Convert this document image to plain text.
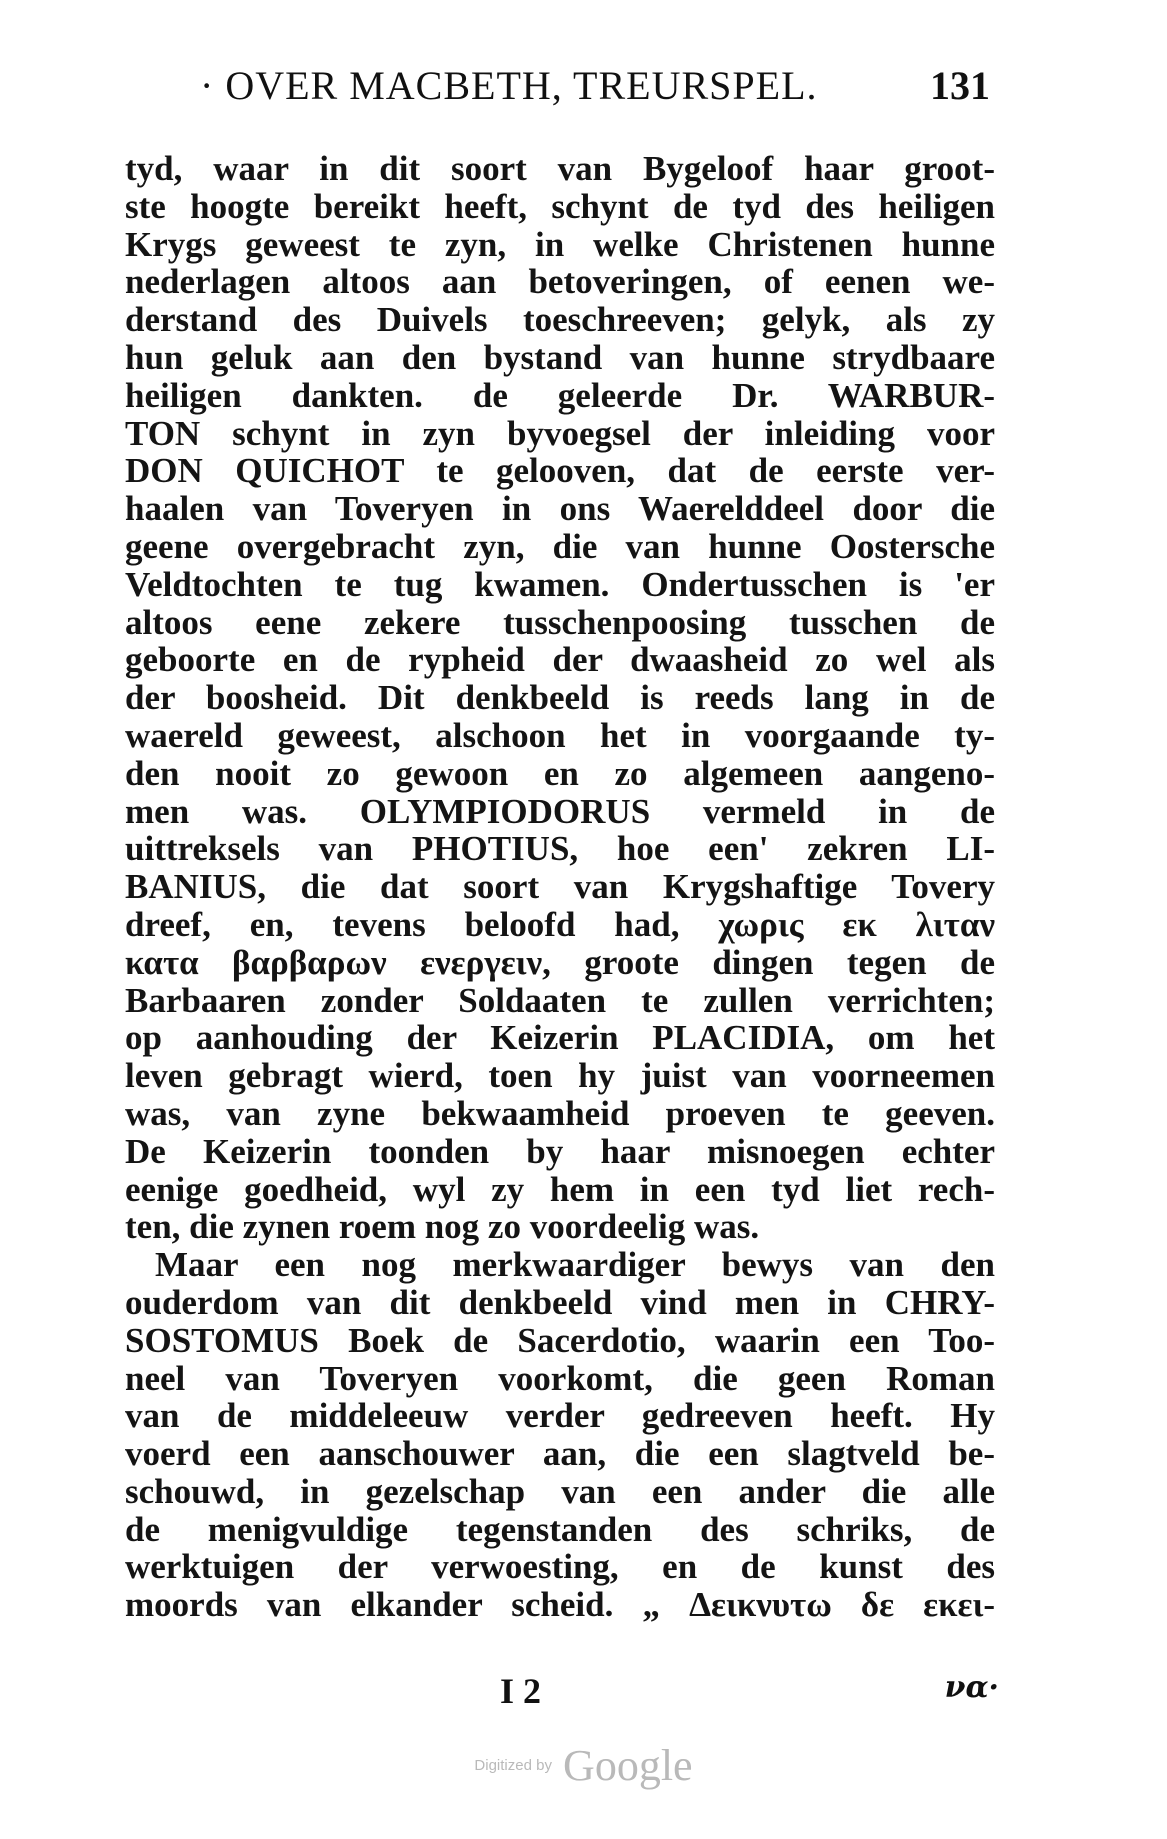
· OVER MACBETH, TREURSPEL.	131
tyd, waar in dit soort van Bygeloof haar groot-
ste hoogte bereikt heeft, schynt de tyd des heiligen
Krygs geweest te zyn, in welke Christenen hunne
nederlagen altoos aan betoveringen, of eenen we-
derstand des Duivels toeschreeven; gelyk, als zy
hun geluk aan den bystand van hunne strydbaare
heiligen dankten. de geleerde Dr. WARBUR-
TON schynt in zyn byvoegsel der inleiding voor
DON QUICHOT te gelooven, dat de eerste ver-
haalen van Toveryen in ons Waerelddeel door die
geene overgebracht zyn, die van hunne Oostersche
Veldtochten te tug kwamen. Ondertusschen is 'er
altoos eene zekere tusschenpoosing tusschen de
geboorte en de rypheid der dwaasheid zo wel als
der boosheid. Dit denkbeeld is reeds lang in de
waereld geweest, alschoon het in voorgaande ty-
den nooit zo gewoon en zo algemeen aangeno-
men was. OLYMPIODORUS vermeld in de
uittreksels van PHOTIUS, hoe een' zekren LI-
BANIUS, die dat soort van Krygshaftige Tovery
dreef, en, tevens beloofd had, χωρις εκ λιταν
κατα βαρβαρων ενεργειν, groote dingen tegen de
Barbaaren zonder Soldaaten te zullen verrichten;
op aanhouding der Keizerin PLACIDIA, om het
leven gebragt wierd, toen hy juist van voorneemen
was, van zyne bekwaamheid proeven te geeven.
De Keizerin toonden by haar misnoegen echter
eenige goedheid, wyl zy hem in een tyd liet rech-
ten, die zynen roem nog zo voordeelig was.
Maar een nog merkwaardiger bewys van den
ouderdom van dit denkbeeld vind men in CHRY-
SOSTOMUS Boek de Sacerdotio, waarin een Too-
neel van Toveryen voorkomt, die geen Roman
van de middeleeuw verder gedreeven heeft. Hy
voerd een aanschouwer aan, die een slagtveld be-
schouwd, in gezelschap van een ander die alle
de menigvuldige tegenstanden des schriks, de
werktuigen der verwoesting, en de kunst des
moords van elkander scheid. „ Δεικνυτω δε εκει-
I 2	να·
Digitized by Google
